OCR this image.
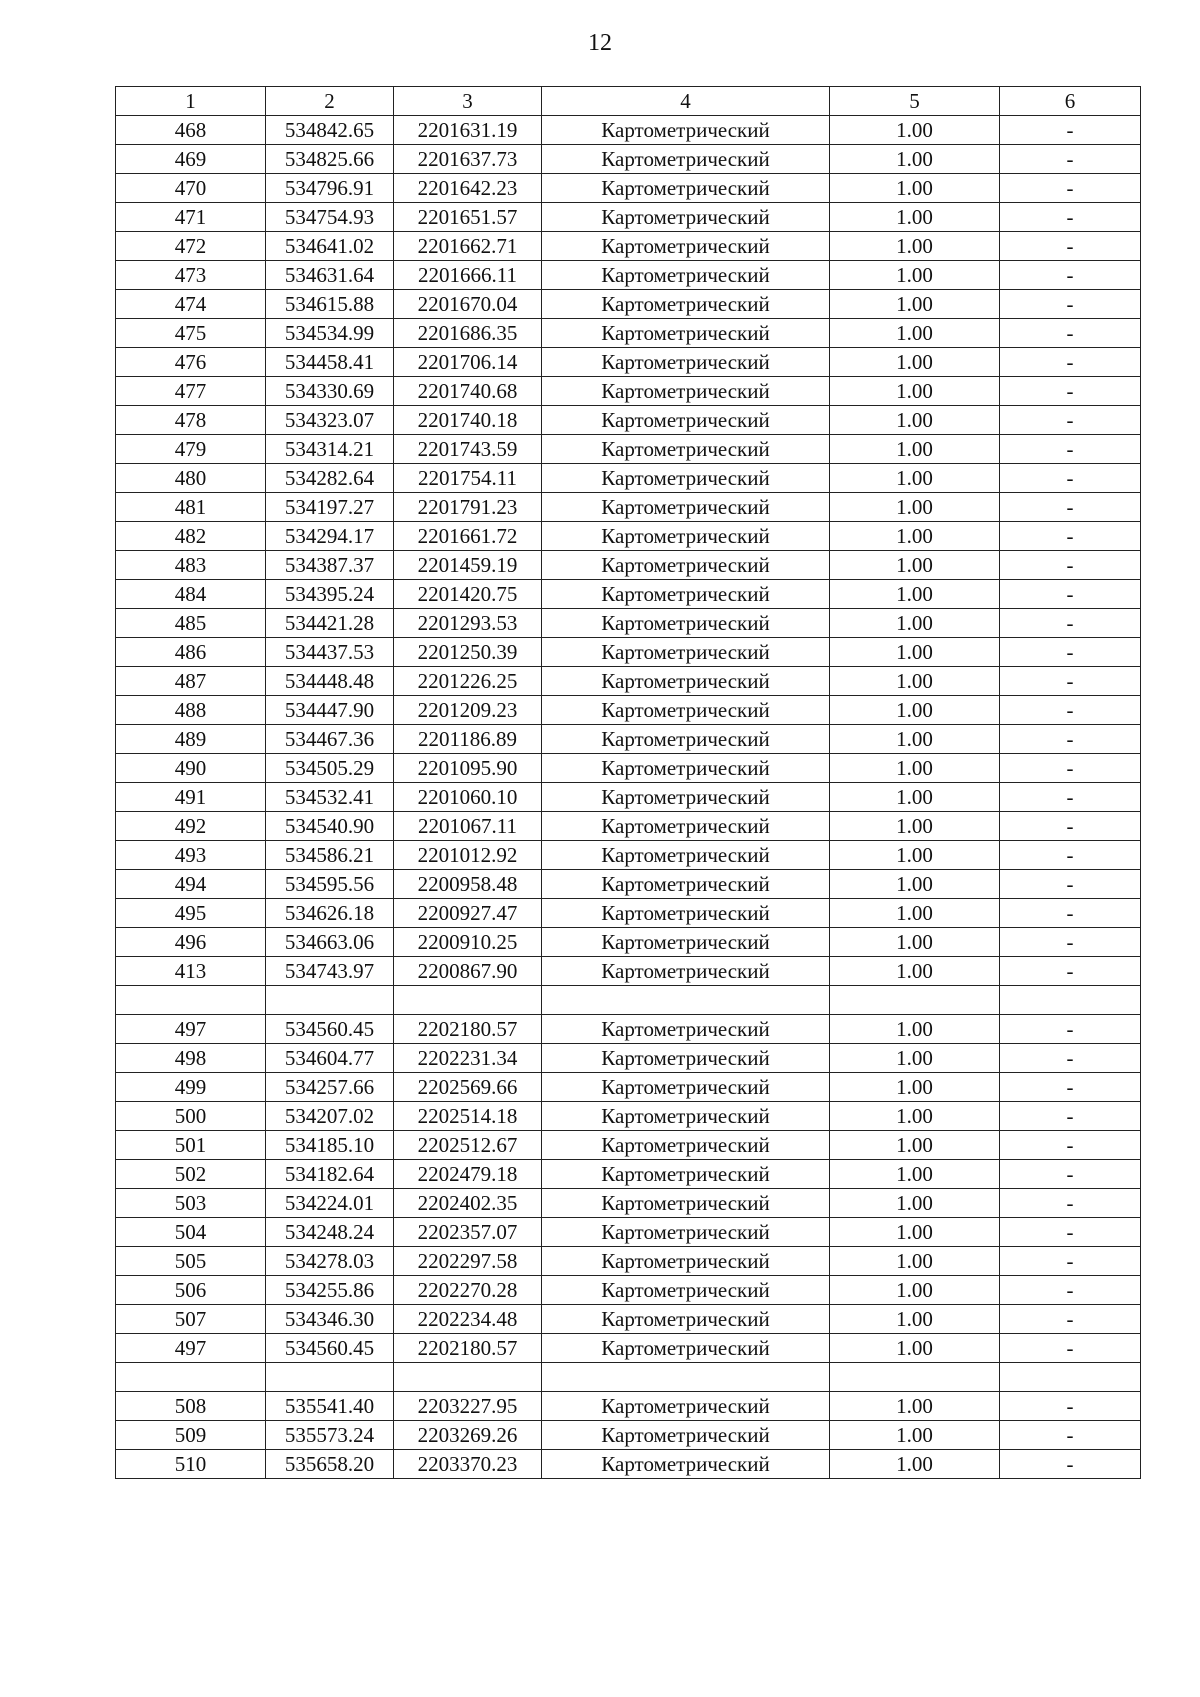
12
1	2	3	4	5	6
468	534842.65	2201631.19	Картометрический	1.00	-
469	534825.66	2201637.73	Картометрический	1.00	-
470	534796.91	2201642.23	Картометрический	1.00	-
471	534754.93	2201651.57	Картометрический	1.00	-
472	534641.02	2201662.71	Картометрический	1.00	-
473	534631.64	2201666.11	Картометрический	1.00	-
474	534615.88	2201670.04	Картометрический	1.00	-
475	534534.99	2201686.35	Картометрический	1.00	-
476	534458.41	2201706.14	Картометрический	1.00	-
477	534330.69	2201740.68	Картометрический	1.00	-
478	534323.07	2201740.18	Картометрический	1.00	-
479	534314.21	2201743.59	Картометрический	1.00	-
480	534282.64	2201754.11	Картометрический	1.00	-
481	534197.27	2201791.23	Картометрический	1.00	-
482	534294.17	2201661.72	Картометрический	1.00	-
483	534387.37	2201459.19	Картометрический	1.00	-
484	534395.24	2201420.75	Картометрический	1.00	-
485	534421.28	2201293.53	Картометрический	1.00	-
486	534437.53	2201250.39	Картометрический	1.00	-
487	534448.48	2201226.25	Картометрический	1.00	-
488	534447.90	2201209.23	Картометрический	1.00	-
489	534467.36	2201186.89	Картометрический	1.00	-
490	534505.29	2201095.90	Картометрический	1.00	-
491	534532.41	2201060.10	Картометрический	1.00	-
492	534540.90	2201067.11	Картометрический	1.00	-
493	534586.21	2201012.92	Картометрический	1.00	-
494	534595.56	2200958.48	Картометрический	1.00	-
495	534626.18	2200927.47	Картометрический	1.00	-
496	534663.06	2200910.25	Картометрический	1.00	-
413	534743.97	2200867.90	Картометрический	1.00	-

497	534560.45	2202180.57	Картометрический	1.00	-
498	534604.77	2202231.34	Картометрический	1.00	-
499	534257.66	2202569.66	Картометрический	1.00	-
500	534207.02	2202514.18	Картометрический	1.00	-
501	534185.10	2202512.67	Картометрический	1.00	-
502	534182.64	2202479.18	Картометрический	1.00	-
503	534224.01	2202402.35	Картометрический	1.00	-
504	534248.24	2202357.07	Картометрический	1.00	-
505	534278.03	2202297.58	Картометрический	1.00	-
506	534255.86	2202270.28	Картометрический	1.00	-
507	534346.30	2202234.48	Картометрический	1.00	-
497	534560.45	2202180.57	Картометрический	1.00	-

508	535541.40	2203227.95	Картометрический	1.00	-
509	535573.24	2203269.26	Картометрический	1.00	-
510	535658.20	2203370.23	Картометрический	1.00	-
